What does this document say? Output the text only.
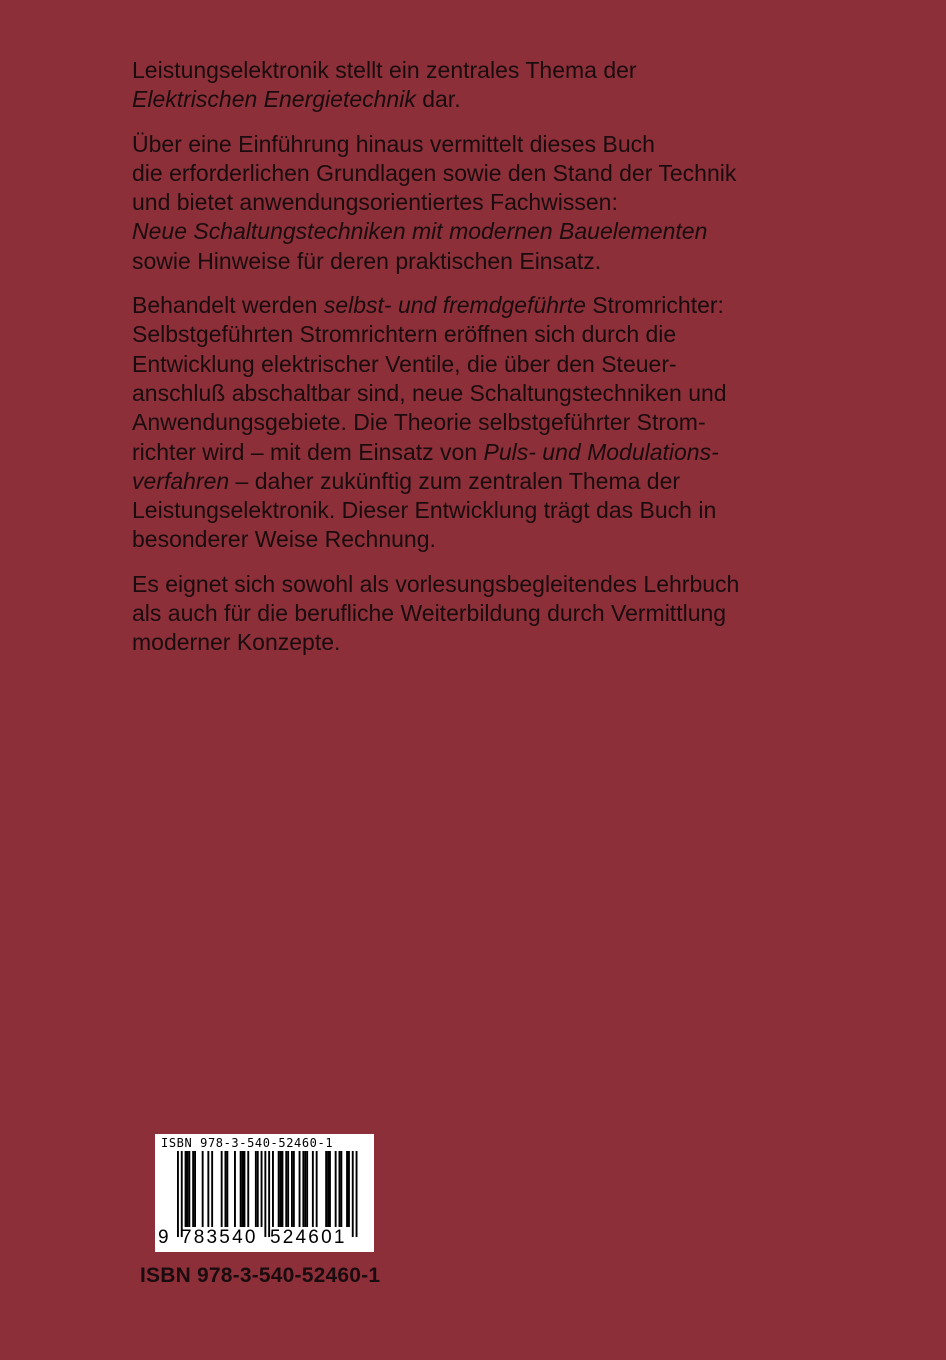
Leistungselektronik stellt ein zentrales Thema der
Elektrischen Energietechnik dar.

Über eine Einführung hinaus vermittelt dieses Buch
die erforderlichen Grundlagen sowie den Stand der Technik
und bietet anwendungsorientiertes Fachwissen:
Neue Schaltungstechniken mit modernen Bauelementen
sowie Hinweise für deren praktischen Einsatz.

Behandelt werden selbst- und fremdgeführte Stromrichter:
Selbstgeführten Stromrichtern eröffnen sich durch die
Entwicklung elektrischer Ventile, die über den Steuer-
anschluß abschaltbar sind, neue Schaltungstechniken und
Anwendungsgebiete. Die Theorie selbstgeführter Strom-
richter wird – mit dem Einsatz von Puls- und Modulations-
verfahren – daher zukünftig zum zentralen Thema der
Leistungselektronik. Dieser Entwicklung trägt das Buch in
besonderer Weise Rechnung.

Es eignet sich sowohl als vorlesungsbegleitendes Lehrbuch
als auch für die berufliche Weiterbildung durch Vermittlung
moderner Konzepte.

ISBN 978-3-540-52460-1
9 783540 524601
ISBN 978-3-540-52460-1
